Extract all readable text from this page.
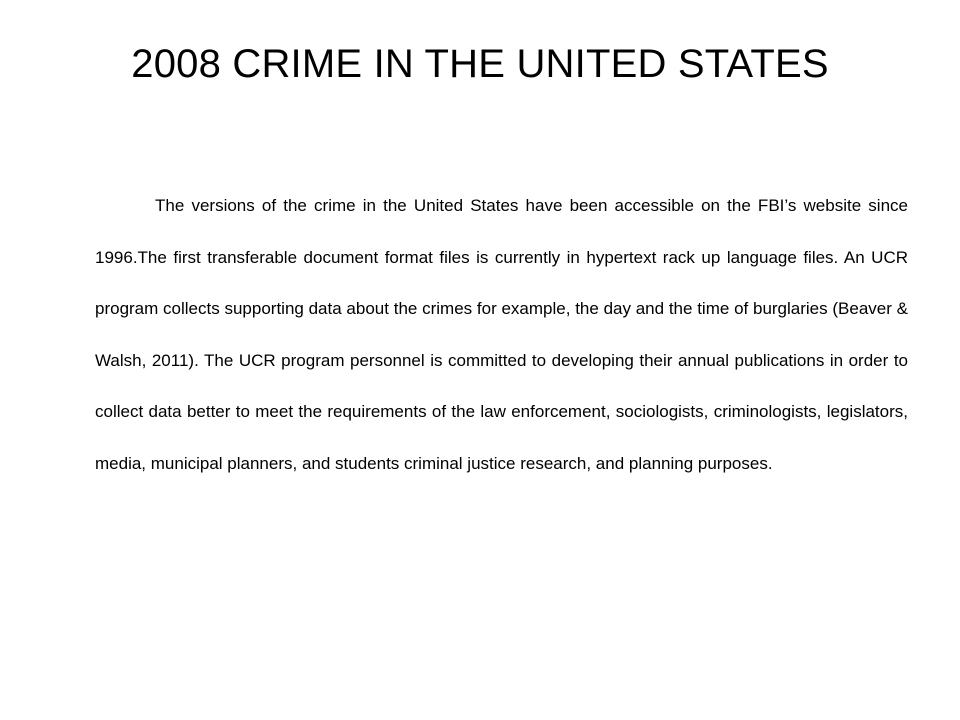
2008 CRIME IN THE UNITED STATES

The versions of the crime in the United States have been accessible on the FBI’s website since 1996.The first transferable document format files is currently in hypertext rack up language files. An UCR program collects supporting data about the crimes for example, the day and the time of burglaries (Beaver & Walsh, 2011). The UCR program personnel is committed to developing their annual publications in order to collect data better to meet the requirements of the law enforcement, sociologists, criminologists, legislators, media, municipal planners, and students criminal justice research, and planning purposes.
